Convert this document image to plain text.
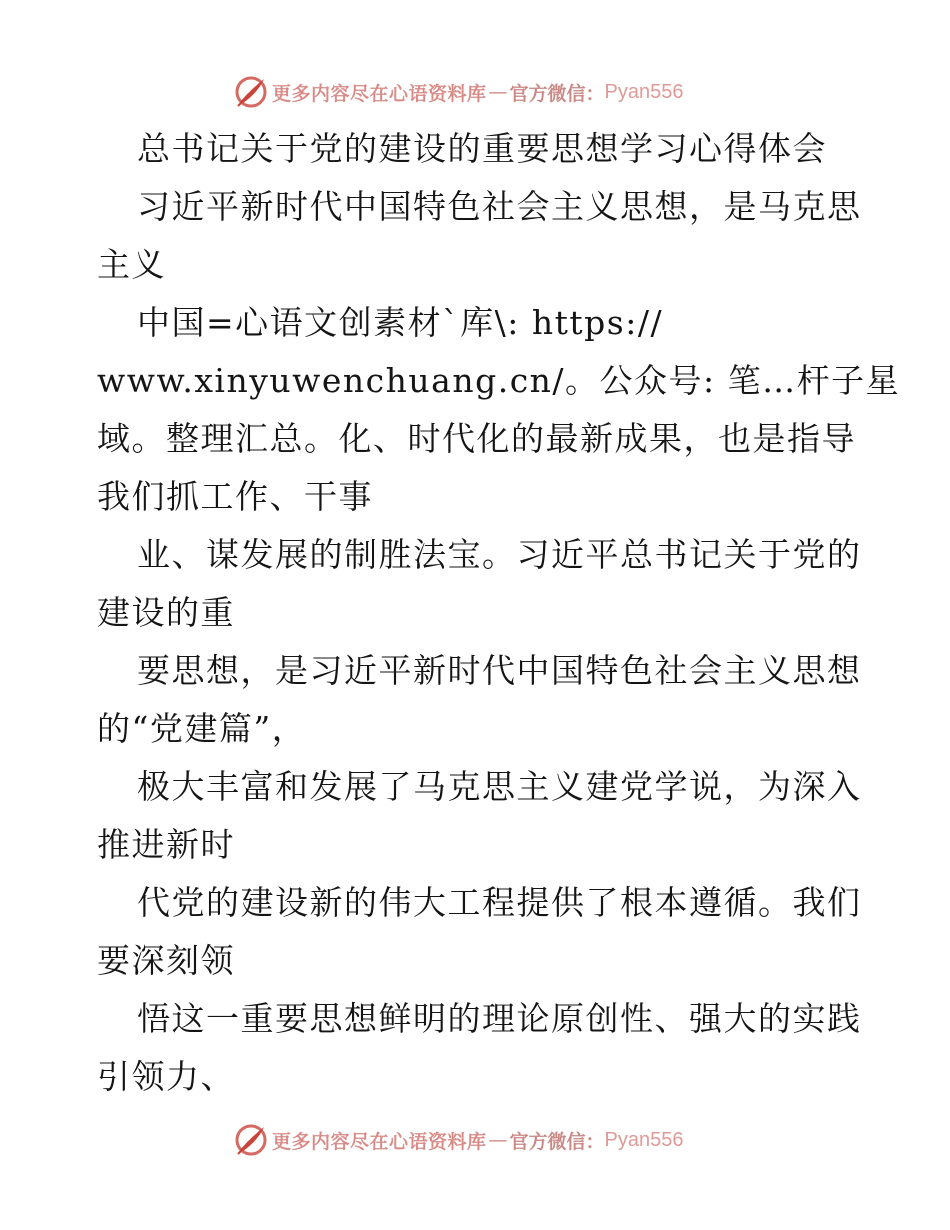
更多内容尽在心语资料库 — 官方微信： Pyan556
总书记关于党的建设的重要思想学习心得体会
习近平新时代中国特色社会主义思想，是马克思
主义
中国=心语文创素材`库\: https://
www.xinyuwenchuang.cn/。公众号: 笔…杆子星
域。整理汇总。化、时代化的最新成果，也是指导
我们抓工作、干事
业、谋发展的制胜法宝。习近平总书记关于党的
建设的重
要思想，是习近平新时代中国特色社会主义思想
的“党建篇”，
极大丰富和发展了马克思主义建党学说，为深入
推进新时
代党的建设新的伟大工程提供了根本遵循。我们
要深刻领
悟这一重要思想鲜明的理论原创性、强大的实践
引领力、
更多内容尽在心语资料库 — 官方微信： Pyan556
